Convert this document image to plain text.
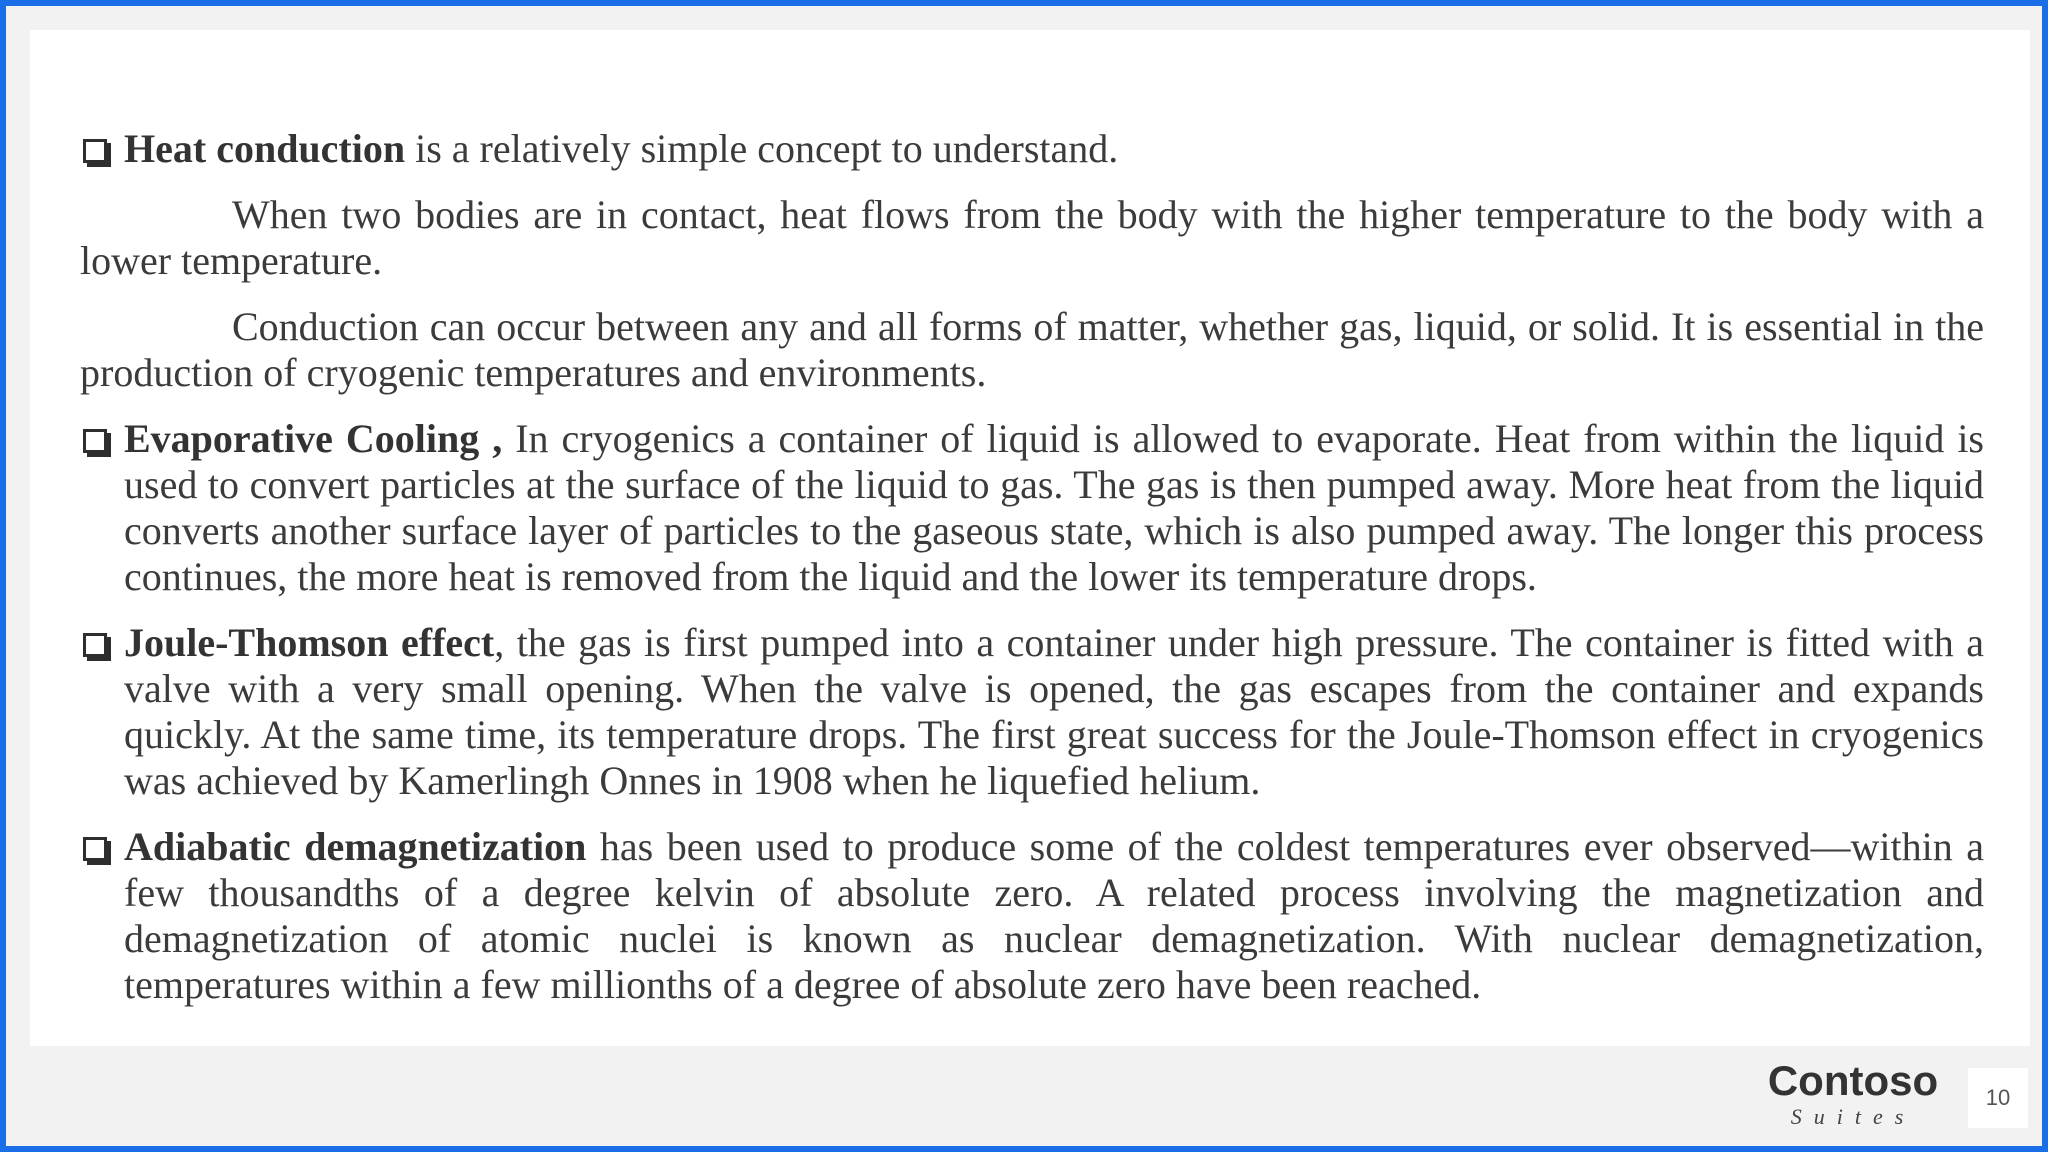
Heat conduction is a relatively simple concept to understand.
When two bodies are in contact, heat flows from the body with the higher temperature to the body with a lower temperature.
Conduction can occur between any and all forms of matter, whether gas, liquid, or solid. It is essential in the production of cryogenic temperatures and environments.
Evaporative Cooling , In cryogenics a container of liquid is allowed to evaporate. Heat from within the liquid is used to convert particles at the surface of the liquid to gas. The gas is then pumped away. More heat from the liquid converts another surface layer of particles to the gaseous state, which is also pumped away. The longer this process continues, the more heat is removed from the liquid and the lower its temperature drops.
Joule-Thomson effect, the gas is first pumped into a container under high pressure. The container is fitted with a valve with a very small opening. When the valve is opened, the gas escapes from the container and expands quickly. At the same time, its temperature drops. The first great success for the Joule-Thomson effect in cryogenics was achieved by Kamerlingh Onnes in 1908 when he liquefied helium.
Adiabatic demagnetization has been used to produce some of the coldest temperatures ever observed—within a few thousandths of a degree kelvin of absolute zero. A related process involving the magnetization and demagnetization of atomic nuclei is known as nuclear demagnetization. With nuclear demagnetization, temperatures within a few millionths of a degree of absolute zero have been reached.
Contoso
Suites
10
